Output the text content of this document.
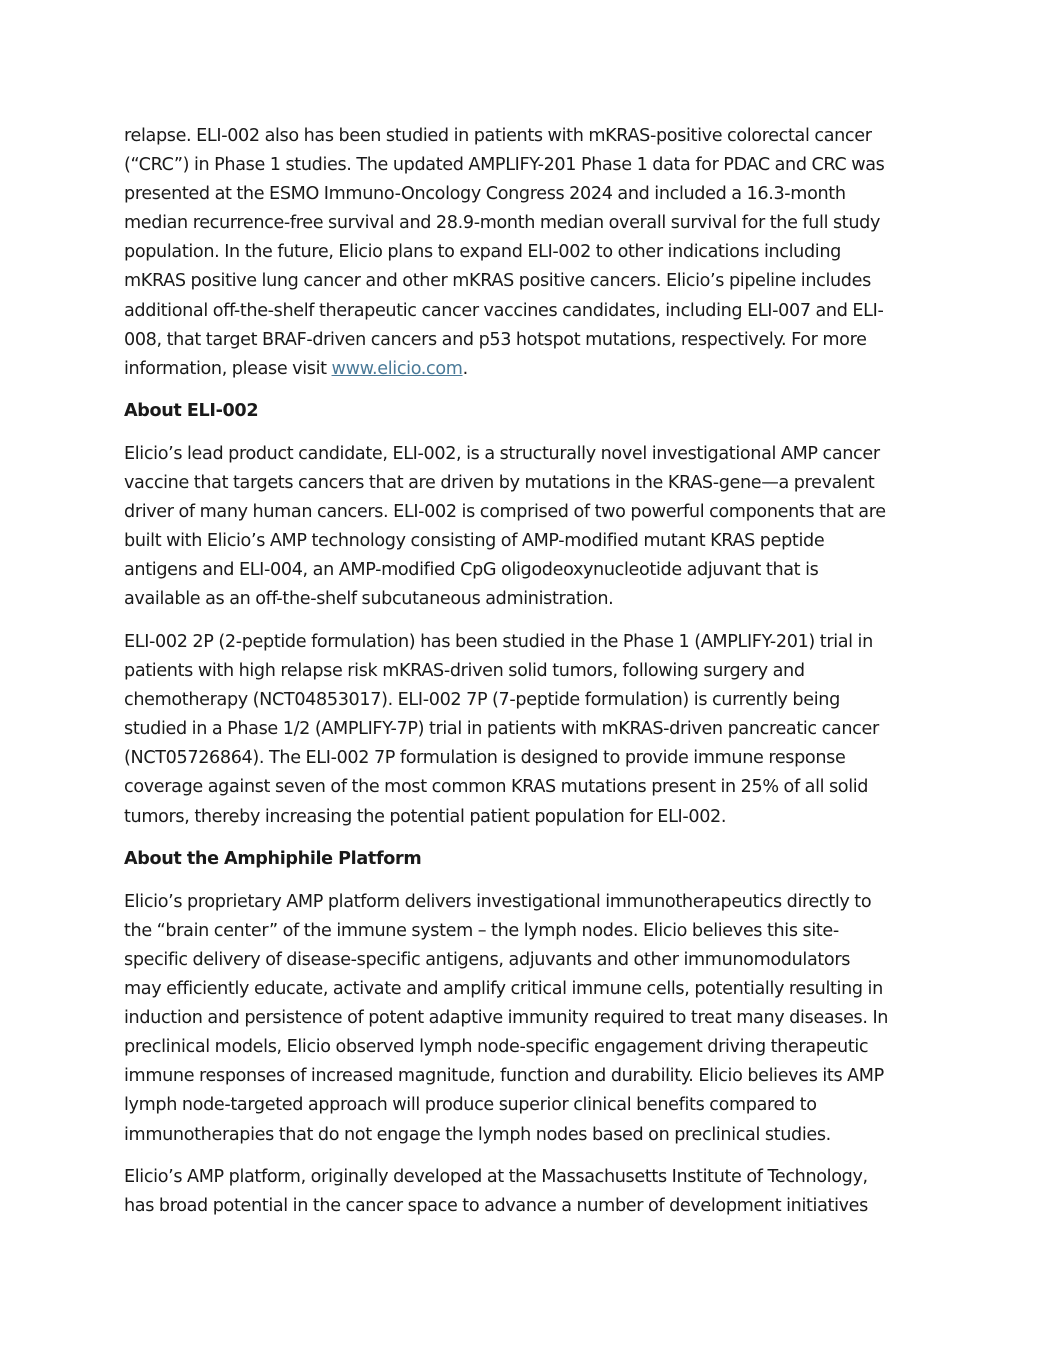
relapse. ELI-002 also has been studied in patients with mKRAS-positive colorectal cancer
(“CRC”) in Phase 1 studies. The updated AMPLIFY-201 Phase 1 data for PDAC and CRC was
presented at the ESMO Immuno-Oncology Congress 2024 and included a 16.3-month
median recurrence-free survival and 28.9-month median overall survival for the full study
population. In the future, Elicio plans to expand ELI-002 to other indications including
mKRAS positive lung cancer and other mKRAS positive cancers. Elicio’s pipeline includes
additional off-the-shelf therapeutic cancer vaccines candidates, including ELI-007 and ELI-
008, that target BRAF-driven cancers and p53 hotspot mutations, respectively. For more
information, please visit www.elicio.com.
About ELI-002
Elicio’s lead product candidate, ELI-002, is a structurally novel investigational AMP cancer
vaccine that targets cancers that are driven by mutations in the KRAS-gene—a prevalent
driver of many human cancers. ELI-002 is comprised of two powerful components that are
built with Elicio’s AMP technology consisting of AMP-modified mutant KRAS peptide
antigens and ELI-004, an AMP-modified CpG oligodeoxynucleotide adjuvant that is
available as an off-the-shelf subcutaneous administration.
ELI-002 2P (2-peptide formulation) has been studied in the Phase 1 (AMPLIFY-201) trial in
patients with high relapse risk mKRAS-driven solid tumors, following surgery and
chemotherapy (NCT04853017). ELI-002 7P (7-peptide formulation) is currently being
studied in a Phase 1/2 (AMPLIFY-7P) trial in patients with mKRAS-driven pancreatic cancer
(NCT05726864). The ELI-002 7P formulation is designed to provide immune response
coverage against seven of the most common KRAS mutations present in 25% of all solid
tumors, thereby increasing the potential patient population for ELI-002.
About the Amphiphile Platform
Elicio’s proprietary AMP platform delivers investigational immunotherapeutics directly to
the “brain center” of the immune system – the lymph nodes. Elicio believes this site-
specific delivery of disease-specific antigens, adjuvants and other immunomodulators
may efficiently educate, activate and amplify critical immune cells, potentially resulting in
induction and persistence of potent adaptive immunity required to treat many diseases. In
preclinical models, Elicio observed lymph node-specific engagement driving therapeutic
immune responses of increased magnitude, function and durability. Elicio believes its AMP
lymph node-targeted approach will produce superior clinical benefits compared to
immunotherapies that do not engage the lymph nodes based on preclinical studies.
Elicio’s AMP platform, originally developed at the Massachusetts Institute of Technology,
has broad potential in the cancer space to advance a number of development initiatives
